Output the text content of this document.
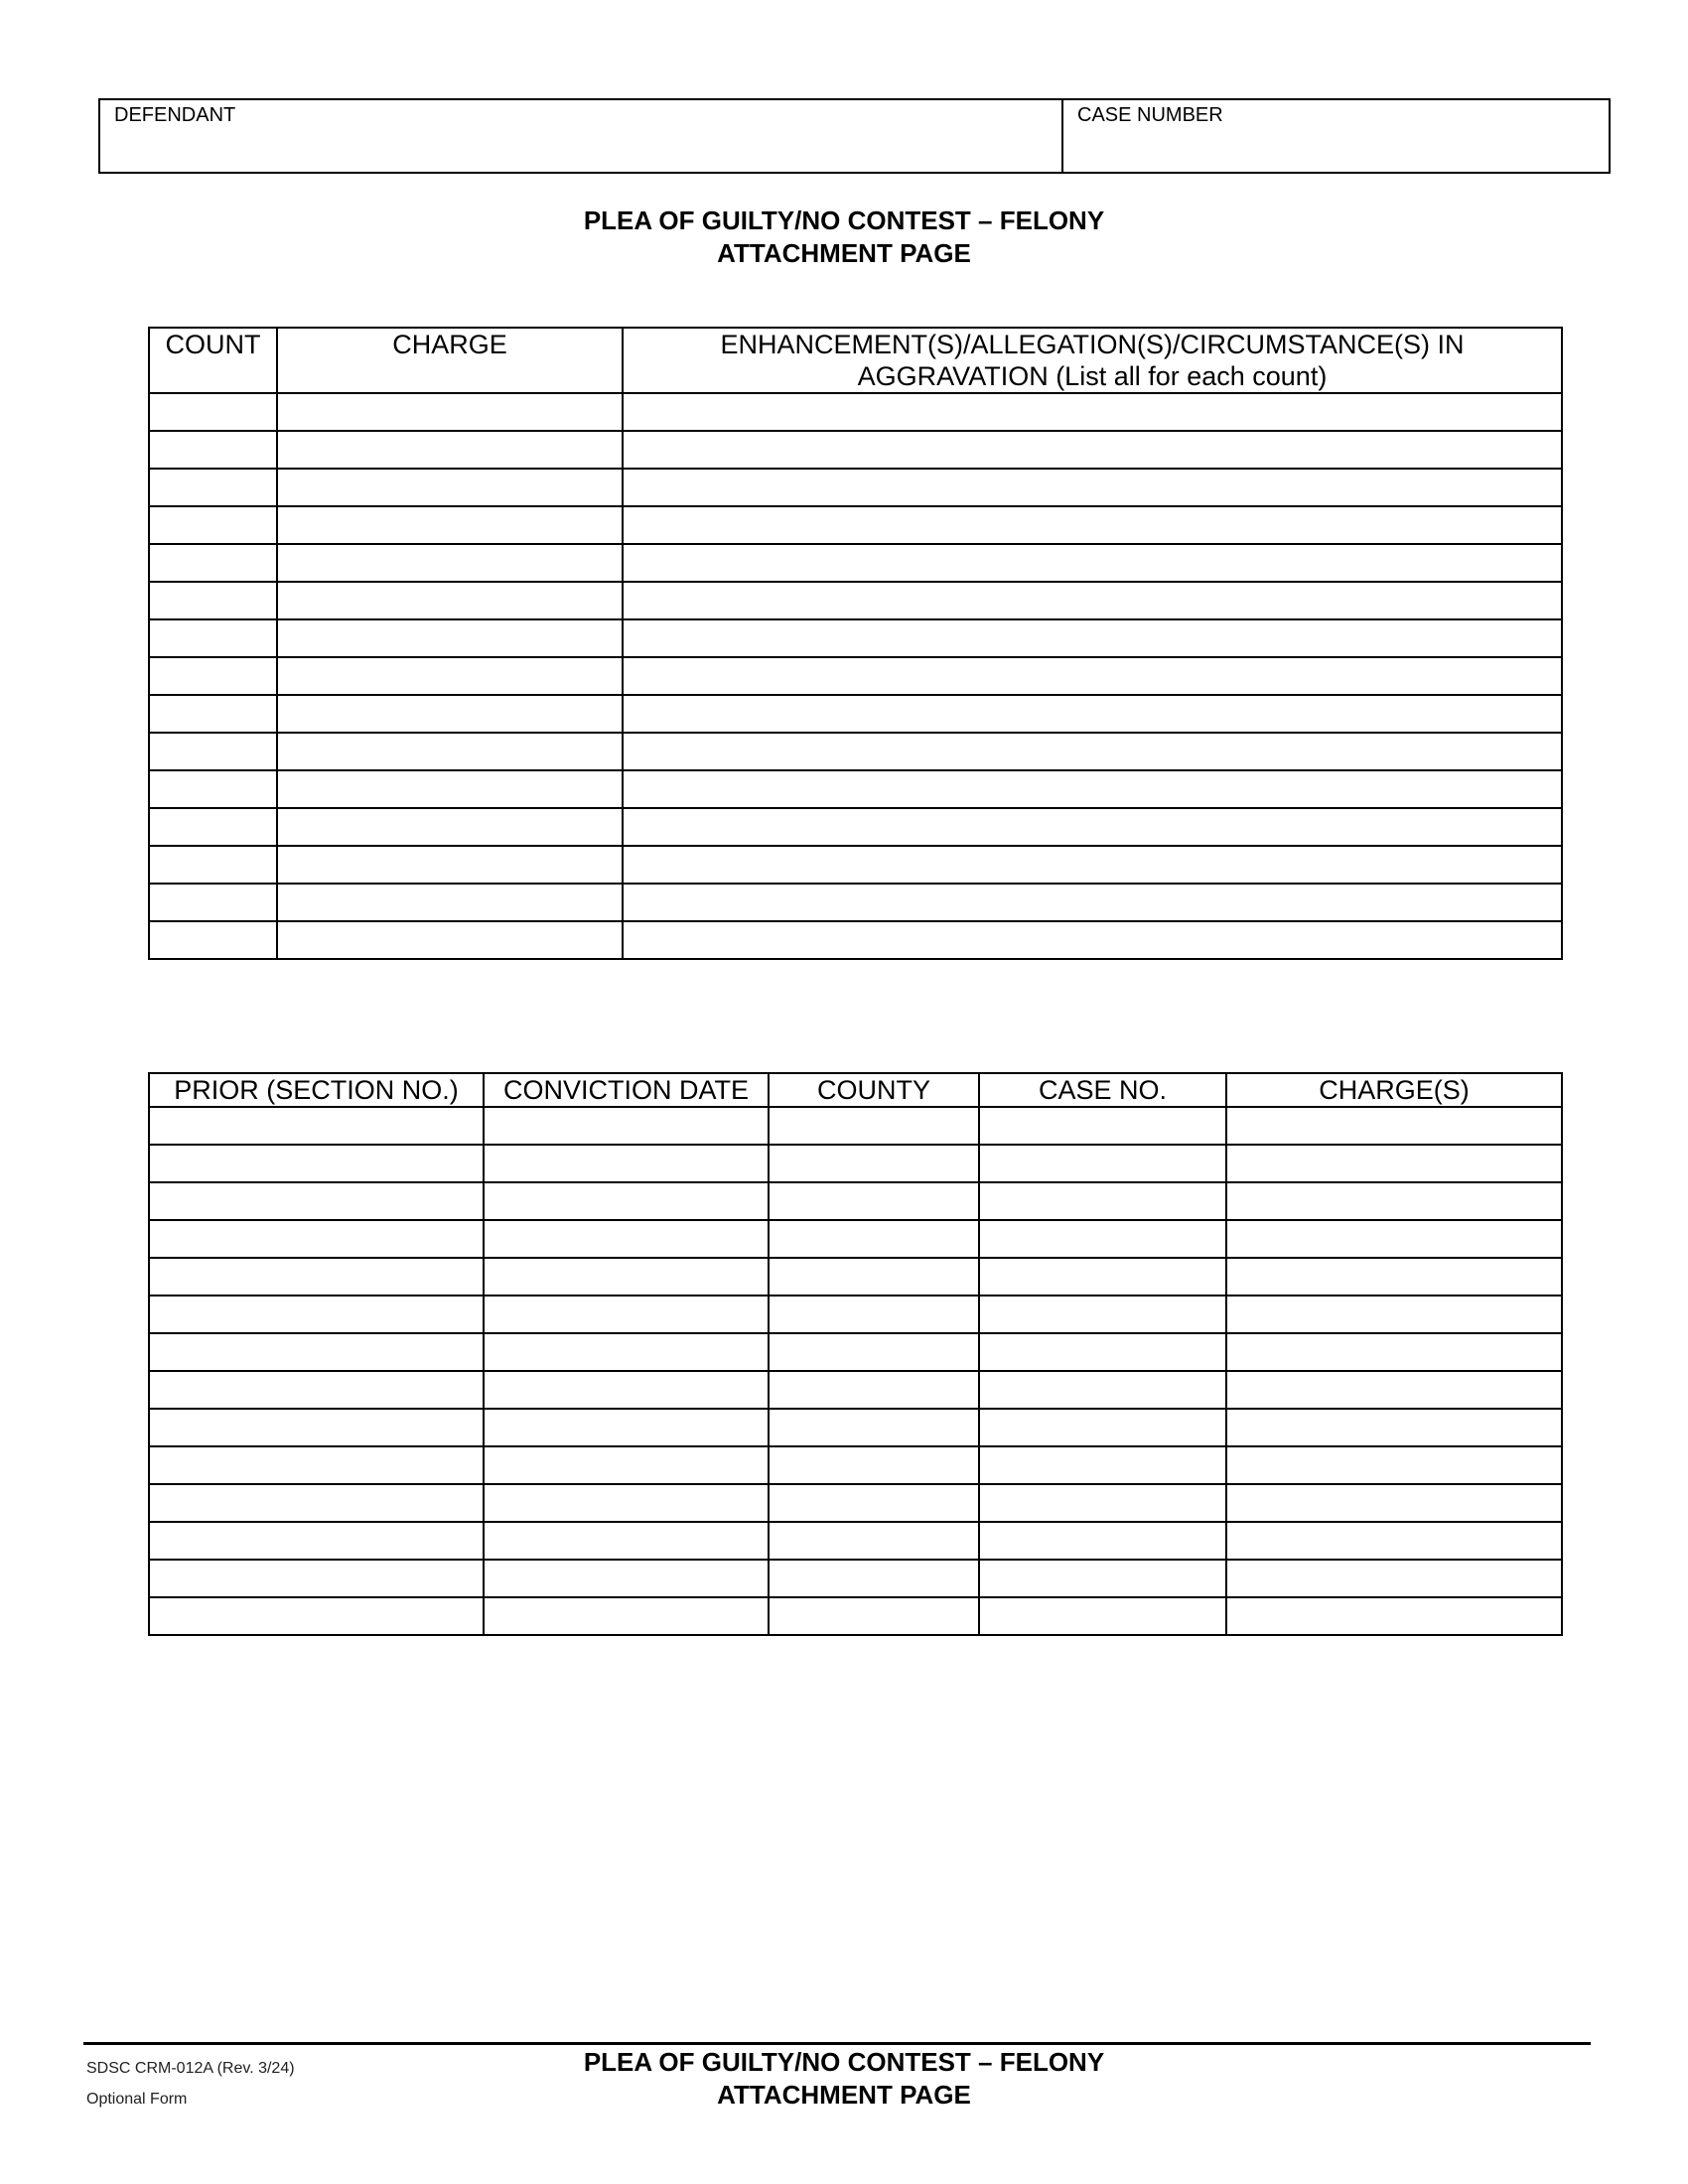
DEFENDANT	CASE NUMBER
PLEA OF GUILTY/NO CONTEST – FELONY
ATTACHMENT PAGE
COUNT	CHARGE	ENHANCEMENT(S)/ALLEGATION(S)/CIRCUMSTANCE(S) IN AGGRAVATION (List all for each count)

PRIOR (SECTION NO.)	CONVICTION DATE	COUNTY	CASE NO.	CHARGE(S)

SDSC CRM-012A (Rev. 3/24)
Optional Form
PLEA OF GUILTY/NO CONTEST – FELONY
ATTACHMENT PAGE
